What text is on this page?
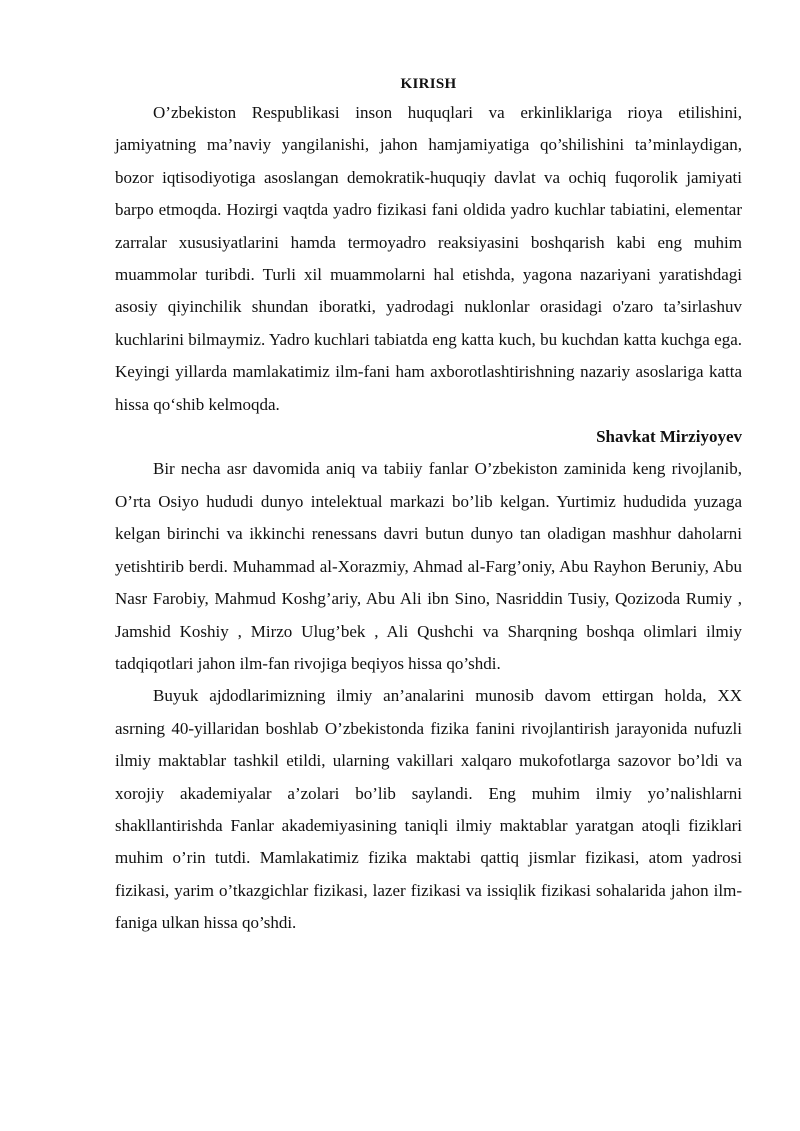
KIRISH

O’zbekiston Respublikasi inson huquqlari va erkinliklariga rioya etilishini, jamiyatning ma’naviy yangilanishi, jahon hamjamiyatiga qo’shilishini ta’minlaydigan, bozor iqtisodiyotiga asoslangan demokratik-huquqiy davlat va ochiq fuqorolik jamiyati barpo etmoqda. Hozirgi vaqtda yadro fizikasi fani oldida yadro kuchlar tabiatini, elementar zarralar xususiyatlarini hamda termoyadro reaksiyasini boshqarish kabi eng muhim muammolar turibdi. Turli xil muammolarni hal etishda, yagona nazariyani yaratishdagi asosiy qiyinchilik shundan iboratki, yadrodagi nuklonlar orasidagi o'zaro ta’sirlashuv kuchlarini bilmaymiz. Yadro kuchlari tabiatda eng katta kuch, bu kuchdan katta kuchga ega. Keyingi yillarda mamlakatimiz ilm-fani ham axborotlashtirishning nazariy asoslariga katta hissa qo‘shib kelmoqda.

Shavkat Mirziyoyev

Bir necha asr davomida aniq va tabiiy fanlar O’zbekiston zaminida keng rivojlanib, O’rta Osiyo hududi dunyo intelektual markazi bo’lib kelgan. Yurtimiz hududida yuzaga kelgan birinchi va ikkinchi renessans davri butun dunyo tan oladigan mashhur daholarni yetishtirib berdi. Muhammad al-Xorazmiy, Ahmad al-Farg’oniy, Abu Rayhon Beruniy, Abu Nasr Farobiy, Mahmud Koshg’ariy, Abu Ali ibn Sino, Nasriddin Tusiy, Qozizoda Rumiy , Jamshid Koshiy , Mirzo Ulug’bek , Ali Qushchi va Sharqning boshqa olimlari ilmiy tadqiqotlari jahon ilm-fan rivojiga beqiyos hissa qo’shdi.

Buyuk ajdodlarimizning ilmiy an’analarini munosib davom ettirgan holda, XX asrning 40-yillaridan boshlab O’zbekistonda fizika fanini rivojlantirish jarayonida nufuzli ilmiy maktablar tashkil etildi, ularning vakillari xalqaro mukofotlarga sazovor bo’ldi va xorojiy akademiyalar a’zolari bo’lib saylandi. Eng muhim ilmiy yo’nalishlarni shakllantirishda Fanlar akademiyasining taniqli ilmiy maktablar yaratgan atoqli fiziklari muhim o’rin tutdi. Mamlakatimiz fizika maktabi qattiq jismlar fizikasi, atom yadrosi fizikasi, yarim o’tkazgichlar fizikasi, lazer fizikasi va issiqlik fizikasi sohalarida jahon ilm-faniga ulkan hissa qo’shdi.
